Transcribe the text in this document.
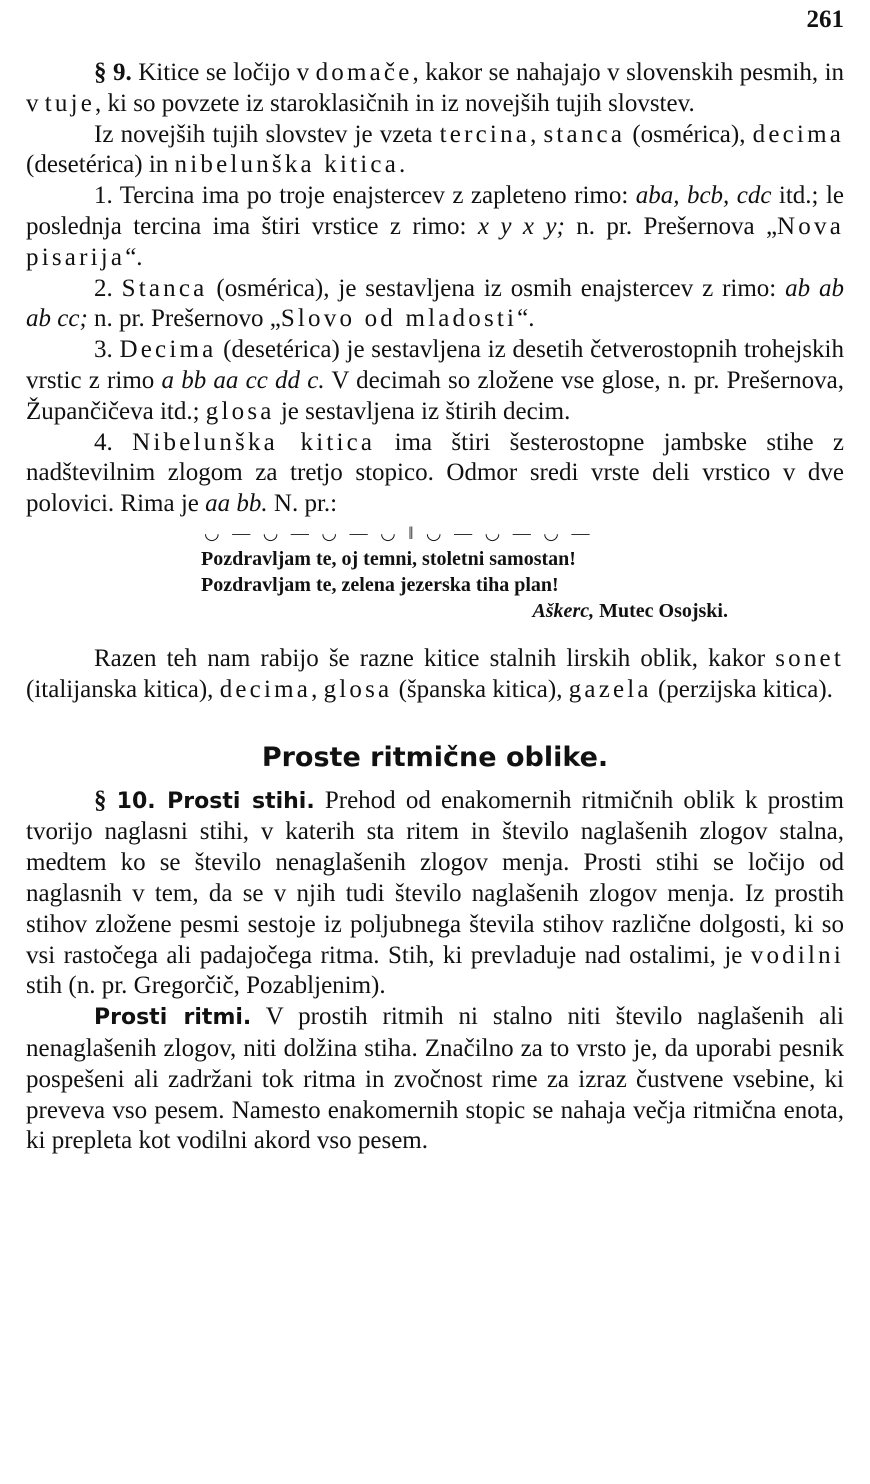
261

§ 9. Kitice se ločijo v domače, kakor se nahajajo v slovenskih pesmih, in v tuje, ki so povzete iz staroklasičnih in iz novejših tujih slovstev.

Iz novejših tujih slovstev je vzeta tercina, stanca (osmérica), decima (desetérica) in nibelunška kitica.

1. Tercina ima po troje enajstercev z zapleteno rimo: aba, bcb, cdc itd.; le poslednja tercina ima štiri vrstice z rimo: x y x y; n. pr. Prešernova „Nova pisarija“.

2. Stanca (osmérica), je sestavljena iz osmih enajstercev z rimo: ab ab ab cc; n. pr. Prešernovo „Slovo od mladosti“.

3. Decima (desetérica) je sestavljena iz desetih četverostopnih trohejskih vrstic z rimo a bb aa cc dd c. V decimah so zložene vse glose, n. pr. Prešernova, Župančičeva itd.; glosa je sestavljena iz štirih decim.

4. Nibelunška kitica ima štiri šesterostopne jambske stihe z nadštevilnim zlogom za tretjo stopico. Odmor sredi vrste deli vrstico v dve polovici. Rima je aa bb. N. pr.:

◡ — ◡ — ◡ — ◡ ‖ ◡ — ◡ — ◡ —
Pozdravljam te, oj temni, stoletni samostan!
Pozdravljam te, zelena jezerska tiha plan!
Aškerc, Mutec Osojski.

Razen teh nam rabijo še razne kitice stalnih lirskih oblik, kakor sonet (italijanska kitica), decima, glosa (španska kitica), gazela (perzijska kitica).

Proste ritmične oblike.

§ 10. Prosti stihi. Prehod od enakomernih ritmičnih oblik k prostim tvorijo naglasni stihi, v katerih sta ritem in število naglašenih zlogov stalna, medtem ko se število nenaglašenih zlogov menja. Prosti stihi se ločijo od naglasnih v tem, da se v njih tudi število naglašenih zlogov menja. Iz prostih stihov zložene pesmi sestoje iz poljubnega števila stihov različne dolgosti, ki so vsi rastočega ali padajočega ritma. Stih, ki prevladuje nad ostalimi, je vodilni stih (n. pr. Gregorčič, Pozabljenim).

Prosti ritmi. V prostih ritmih ni stalno niti število naglašenih ali nenaglašenih zlogov, niti dolžina stiha. Značilno za to vrsto je, da uporabi pesnik pospešeni ali zadržani tok ritma in zvočnost rime za izraz čustvene vsebine, ki preveva vso pesem. Namesto enakomernih stopic se nahaja večja ritmična enota, ki prepleta kot vodilni akord vso pesem.
